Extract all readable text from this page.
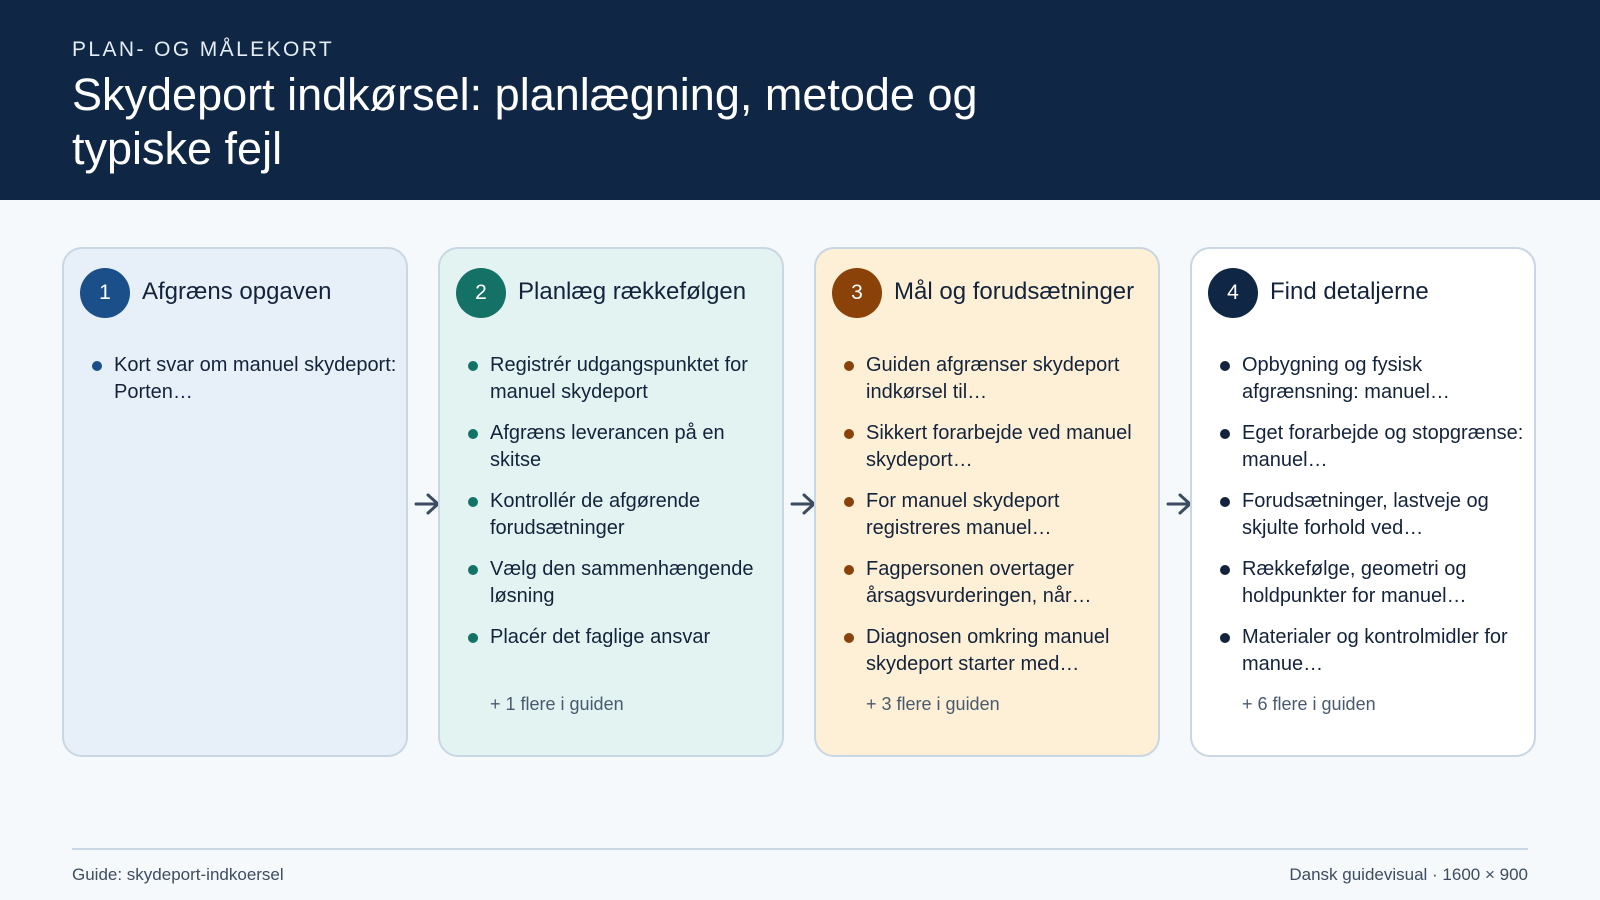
PLAN- OG MÅLEKORT
Skydeport indkørsel: planlægning, metode og typiske fejl
1	Afgræns opgaven
Kort svar om manuel skydeport: Porten…
2	Planlæg rækkefølgen
Registrér udgangspunktet for manuel skydeport
Afgræns leverancen på en skitse
Kontrollér de afgørende forudsætninger
Vælg den sammenhængende løsning
Placér det faglige ansvar
+ 1 flere i guiden
3	Mål og forudsætninger
Guiden afgrænser skydeport indkørsel til…
Sikkert forarbejde ved manuel skydeport…
For manuel skydeport registreres manuel…
Fagpersonen overtager årsagsvurderingen, når…
Diagnosen omkring manuel skydeport starter med…
+ 3 flere i guiden
4	Find detaljerne
Opbygning og fysisk afgrænsning: manuel…
Eget forarbejde og stopgrænse: manuel…
Forudsætninger, lastveje og skjulte forhold ved…
Rækkefølge, geometri og holdpunkter for manuel…
Materialer og kontrolmidler for manue…
+ 6 flere i guiden
Guide: skydeport-indkoersel	Dansk guidevisual · 1600 × 900
